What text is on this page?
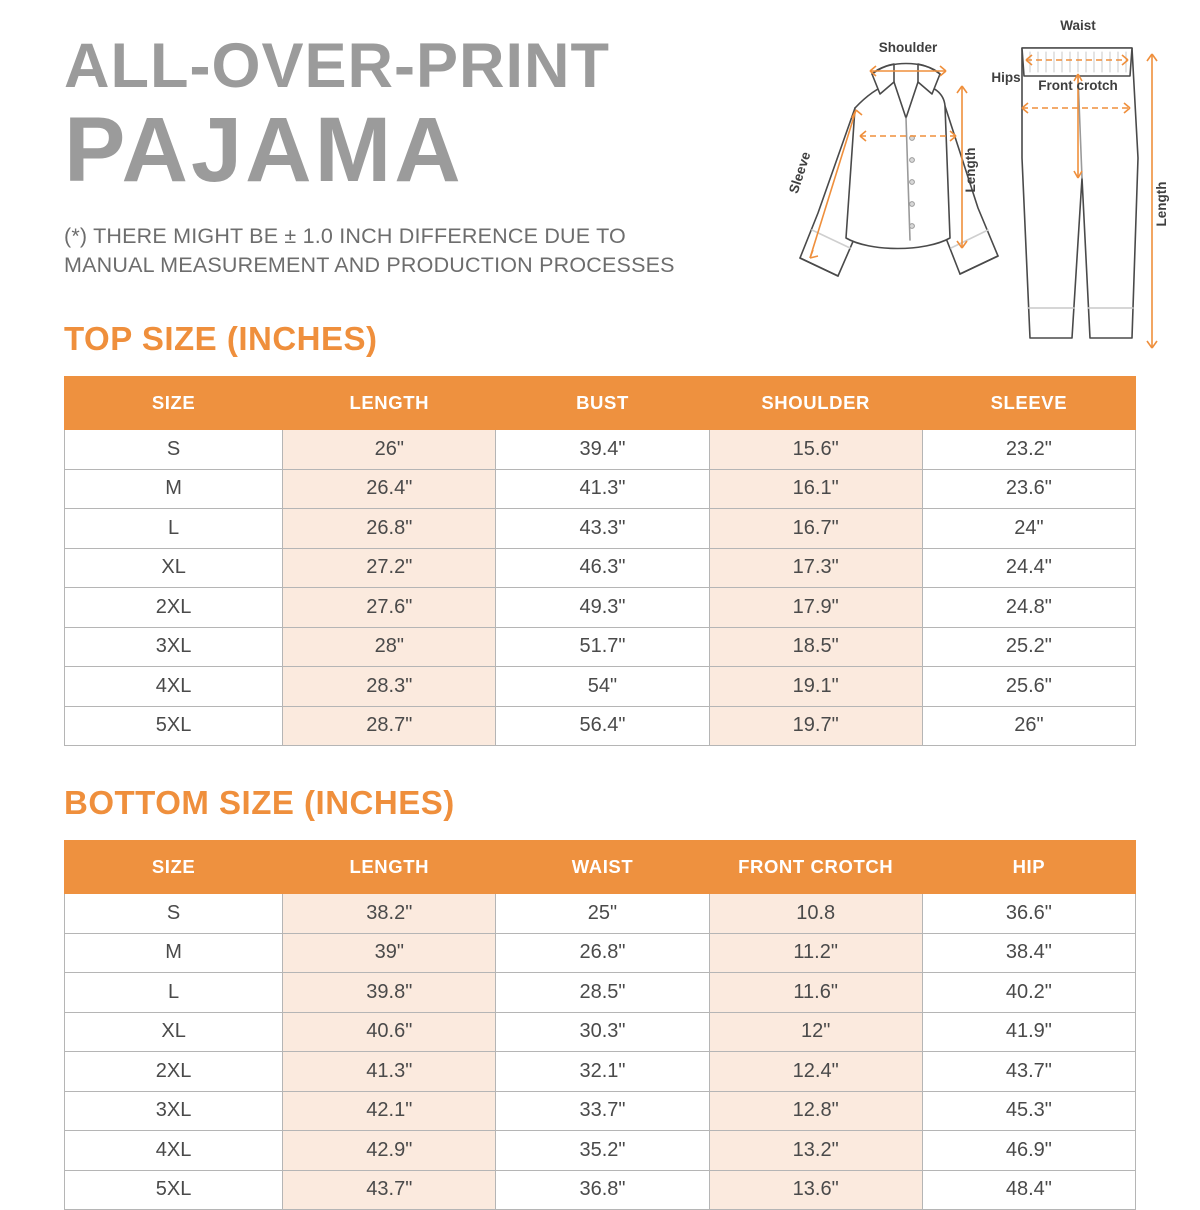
ALL-OVER-PRINT
PAJAMA

(*) THERE MIGHT BE ± 1.0 INCH DIFFERENCE DUE TO MANUAL MEASUREMENT AND PRODUCTION PROCESSES

Shoulder
Sleeve	Length
Waist
Hips
Front crotch
Length
TOP SIZE (INCHES)
SIZE	LENGTH	BUST	SHOULDER	SLEEVE
S	26"	39.4"	15.6"	23.2"
M	26.4"	41.3"	16.1"	23.6"
L	26.8"	43.3"	16.7"	24"
XL	27.2"	46.3"	17.3"	24.4"
2XL	27.6"	49.3"	17.9"	24.8"
3XL	28"	51.7"	18.5"	25.2"
4XL	28.3"	54"	19.1"	25.6"
5XL	28.7"	56.4"	19.7"	26"
BOTTOM SIZE (INCHES)
SIZE	LENGTH	WAIST	FRONT CROTCH	HIP
S	38.2"	25"	10.8	36.6"
M	39"	26.8"	11.2"	38.4"
L	39.8"	28.5"	11.6"	40.2"
XL	40.6"	30.3"	12"	41.9"
2XL	41.3"	32.1"	12.4"	43.7"
3XL	42.1"	33.7"	12.8"	45.3"
4XL	42.9"	35.2"	13.2"	46.9"
5XL	43.7"	36.8"	13.6"	48.4"
